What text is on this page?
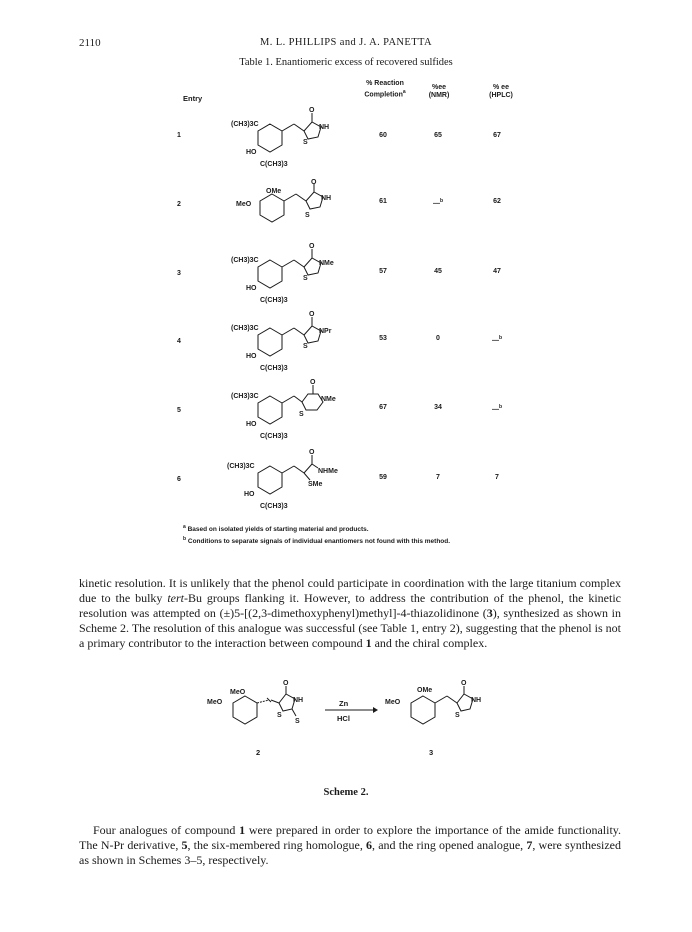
2110	M. L. PHILLIPS and J. A. PANETTA
Table 1. Enantiomeric excess of recovered sulfides
Entry
% Reaction
Completion$^a$
%ee
(NMR)
% ee
(HPLC)
1	60	65	67
O
NH
S
(CH3)3C
HO
C(CH3)3
2	61	—$^b$	62
O
NH
S
MeO
OMe
3	57	45	47
O
NMe
S
(CH3)3C
HO
C(CH3)3
4	53	0	—$^b$
O
NPr
S
(CH3)3C
HO
C(CH3)3
5	67	34	—$^b$
O
NMe
S
(CH3)3C
HO
C(CH3)3
6	59	7	7
O
NHMe
SMe
(CH3)3C
HO
C(CH3)3
$^a$ Based on isolated yields of starting material and products.
$^b$ Conditions to separate signals of individual enantiomers not found with this method.
kinetic resolution. It is unlikely that the phenol could participate in coordination with the large titanium complex due to the bulky tert-Bu groups flanking it. However, to address the contribution of the phenol, the kinetic resolution was attempted on (±)5-[(2,3-dimethoxyphenyl)methyl]-4-thiazolidinone (3), synthesized as shown in Scheme 2. The resolution of this analogue was successful (see Table 1, entry 2), suggesting that the phenol is not a primary contributor to the interaction between compound 1 and the chiral complex.
O
NH
S
S
MeO
MeO	Zn
HCl
O
NH
S
MeO
OMe
2	3
Scheme 2.
Four analogues of compound 1 were prepared in order to explore the importance of the amide functionality. The N-Pr derivative, 5, the six-membered ring homologue, 6, and the ring opened analogue, 7, were synthesized as shown in Schemes 3–5, respectively.
